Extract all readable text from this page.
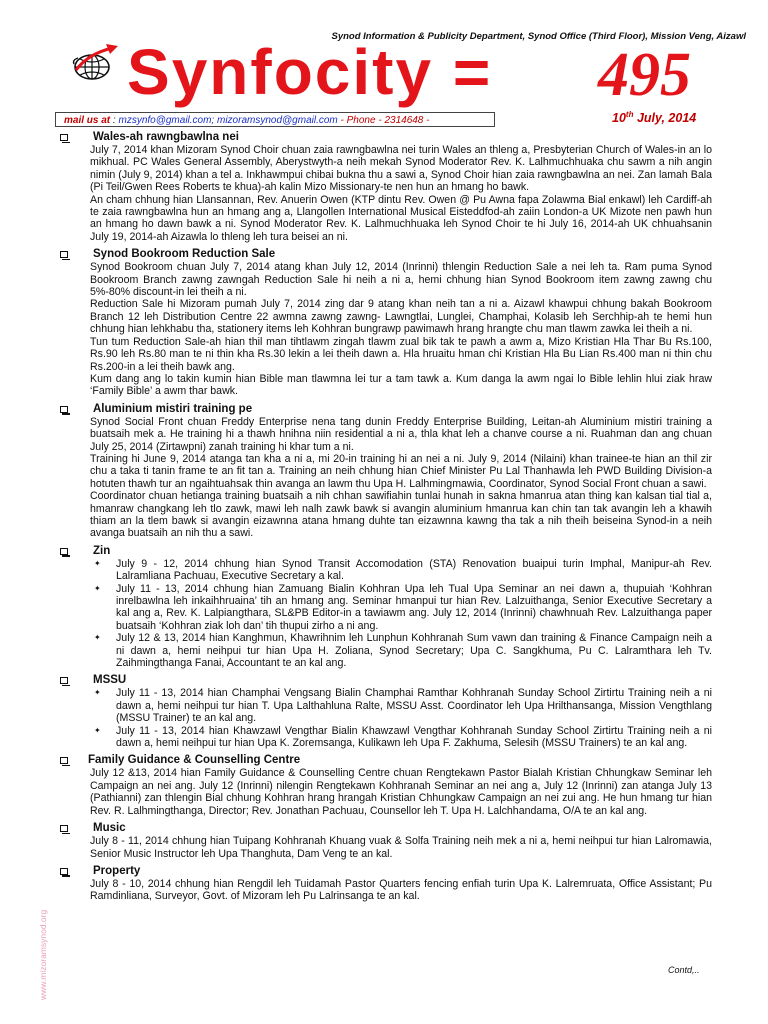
Synod Information & Publicity Department, Synod Office (Third Floor), Mission Veng, Aizawl
Synfocity = 495
mail us at : mzsynfo@gmail.com; mizoramsynod@gmail.com - Phone - 2314648 -	10th July, 2014
www.mizoramsynod.org
Wales-ah rawngbawlna nei

July 7, 2014 khan Mizoram Synod Choir chuan zaia rawngbawlna nei turin Wales an thleng a, Presbyterian Church of Wales-in an lo mikhual. PC Wales General Assembly, Aberystwyth-a neih mekah Synod Moderator Rev. K. Lalhmuchhuaka chu sawm a nih angin nimin (July 9, 2014) khan a tel a. Inkhawmpui chibai bukna thu a sawi a, Synod Choir hian zaia rawngbawlna an nei. Zan lamah Bala (Pi Teil/Gwen Rees Roberts te khua)-ah kalin Mizo Missionary-te nen hun an hmang ho bawk.

An cham chhung hian Llansannan, Rev. Anuerin Owen (KTP dintu Rev. Owen @ Pu Awna fapa Zolawma Bial enkawl) leh Cardiff-ah te zaia rawngbawlna hun an hmang ang a, Llangollen International Musical Eisteddfod-ah zaiin London-a UK Mizote nen pawh hun an hmang ho dawn bawk a ni. Synod Moderator Rev. K. Lalhmuchhuaka leh Synod Choir te hi July 16, 2014-ah UK chhuahsanin July 19, 2014-ah Aizawla lo thleng leh tura beisei an ni.

Synod Bookroom Reduction Sale

Synod Bookroom chuan July 7, 2014 atang khan July 12, 2014 (Inrinni) thlengin Reduction Sale a nei leh ta. Ram puma Synod Bookroom Branch zawng zawngah Reduction Sale hi neih a ni a, hemi chhung hian Synod Bookroom item zawng zawng chu 5%-80% discount-in lei theih a ni.

Reduction Sale hi Mizoram pumah July 7, 2014 zing dar 9 atang khan neih tan a ni a. Aizawl khawpui chhung bakah Bookroom Branch 12 leh Distribution Centre 22 awmna zawng zawng- Lawngtlai, Lunglei, Champhai, Kolasib leh Serchhip-ah te hemi hun chhung hian lehkhabu tha, stationery items leh Kohhran bungrawp pawimawh hrang hrangte chu man tlawm zawka lei theih a ni.

Tun tum Reduction Sale-ah hian thil man tihtlawm zingah tlawm zual bik tak te pawh a awm a, Mizo Kristian Hla Thar Bu Rs.100, Rs.90 leh Rs.80 man te ni thin kha Rs.30 lekin a lei theih dawn a. Hla hruaitu hman chi Kristian Hla Bu Lian Rs.400 man ni thin chu Rs.200-in a lei theih bawk ang.

Kum dang ang lo takin kumin hian Bible man tlawmna lei tur a tam tawk a. Kum danga la awm ngai lo Bible lehlin hlui ziak hraw ‘Family Bible’ a awm thar bawk.

Aluminium mistiri training pe

Synod Social Front chuan Freddy Enterprise nena tang dunin Freddy Enterprise Building, Leitan-ah Aluminium mistiri training a buatsaih mek a. He training hi a thawh hnihna niin residential a ni a, thla khat leh a chanve course a ni. Ruahman dan ang chuan July 25, 2014 (Zirtawpni) zanah training hi khar tum a ni.

Training hi June 9, 2014 atanga tan kha a ni a, mi 20-in training hi an nei a ni. July 9, 2014 (Nilaini) khan trainee-te hian an thil zir chu a taka ti tanin frame te an fit tan a. Training an neih chhung hian Chief Minister Pu Lal Thanhawla leh PWD Building Division-a hotuten thawh tur an ngaihtuahsak thin avanga an lawm thu Upa H. Lalhmingmawia, Coordinator, Synod Social Front chuan a sawi.

Coordinator chuan hetianga training buatsaih a nih chhan sawifiahin tunlai hunah in sakna hmanrua atan thing kan kalsan tial tial a, hmanraw changkang leh tlo zawk, mawi leh nalh zawk bawk si avangin aluminium hmanrua kan chin tan tak avangin leh a khawih thiam an la tlem bawk si avangin eizawnna atana hmang duhte tan eizawnna kawng tha tak a nih theih beiseina Synod-in a neih avanga buatsaih an nih thu a sawi.

Zin

✦ July 9 - 12, 2014 chhung hian Synod Transit Accomodation (STA) Renovation buaipui turin Imphal, Manipur-ah Rev. Lalramliana Pachuau, Executive Secretary a kal.

✦ July 11 - 13, 2014 chhung hian Zamuang Bialin Kohhran Upa leh Tual Upa Seminar an nei dawn a, thupuiah ‘Kohhran inrelbawlna leh inkaihhruaina’ tih an hmang ang. Seminar hmanpui tur hian Rev. Lalzuithanga, Senior Executive Secretary a kal ang a, Rev. K. Lalpiangthara, SL&PB Editor-in a tawiawm ang. July 12, 2014 (Inrinni) chawhnuah Rev. Lalzuithanga paper buatsaih ‘Kohhran ziak loh dan’ tih thupui zirho a ni ang.

✦ July 12 & 13, 2014 hian Kanghmun, Khawrihnim leh Lunphun Kohhranah Sum vawn dan training & Finance Campaign neih a ni dawn a, hemi neihpui tur hian Upa H. Zoliana, Synod Secretary; Upa C. Sangkhuma, Pu C. Lalramthara leh Tv. Zaihmingthanga Fanai, Accountant te an kal ang.

MSSU

✦ July 11 - 13, 2014 hian Champhai Vengsang Bialin Champhai Ramthar Kohhranah Sunday School Zirtirtu Training neih a ni dawn a, hemi neihpui tur hian T. Upa Lalthahluna Ralte, MSSU Asst. Coordinator leh Upa Hrilthansanga, Mission Vengthlang (MSSU Trainer) te an kal ang.

✦ July 11 - 13, 2014 hian Khawzawl Vengthar Bialin Khawzawl Vengthar Kohhranah Sunday School Zirtirtu Training neih a ni dawn a, hemi neihpui tur hian Upa K. Zoremsanga, Kulikawn leh Upa F. Zakhuma, Selesih (MSSU Trainers) te an kal ang.

Family Guidance & Counselling Centre

July 12 &13, 2014 hian Family Guidance & Counselling Centre chuan Rengtekawn Pastor Bialah Kristian Chhungkaw Seminar leh Campaign an nei ang. July 12 (Inrinni) nilengin Rengtekawn Kohhranah Seminar an nei ang a, July 12 (Inrinni) zan atanga July 13 (Pathianni) zan thlengin Bial chhung Kohhran hrang hrangah Kristian Chhungkaw Campaign an nei zui ang. He hun hmang tur hian Rev. R. Lalhmingthanga, Director; Rev. Jonathan Pachuau, Counsellor leh T. Upa H. Lalchhandama, O/A te an kal ang.

Music

July 8 - 11, 2014 chhung hian Tuipang Kohhranah Khuang vuak & Solfa Training neih mek a ni a, hemi neihpui tur hian Lalromawia, Senior Music Instructor leh Upa Thanghuta, Dam Veng te an kal.

Property

July 8 - 10, 2014 chhung hian Rengdil leh Tuidamah Pastor Quarters fencing enfiah turin Upa K. Lalremruata, Office Assistant; Pu Ramdinliana, Surveyor, Govt. of Mizoram leh Pu Lalrinsanga te an kal.

Contd,..
